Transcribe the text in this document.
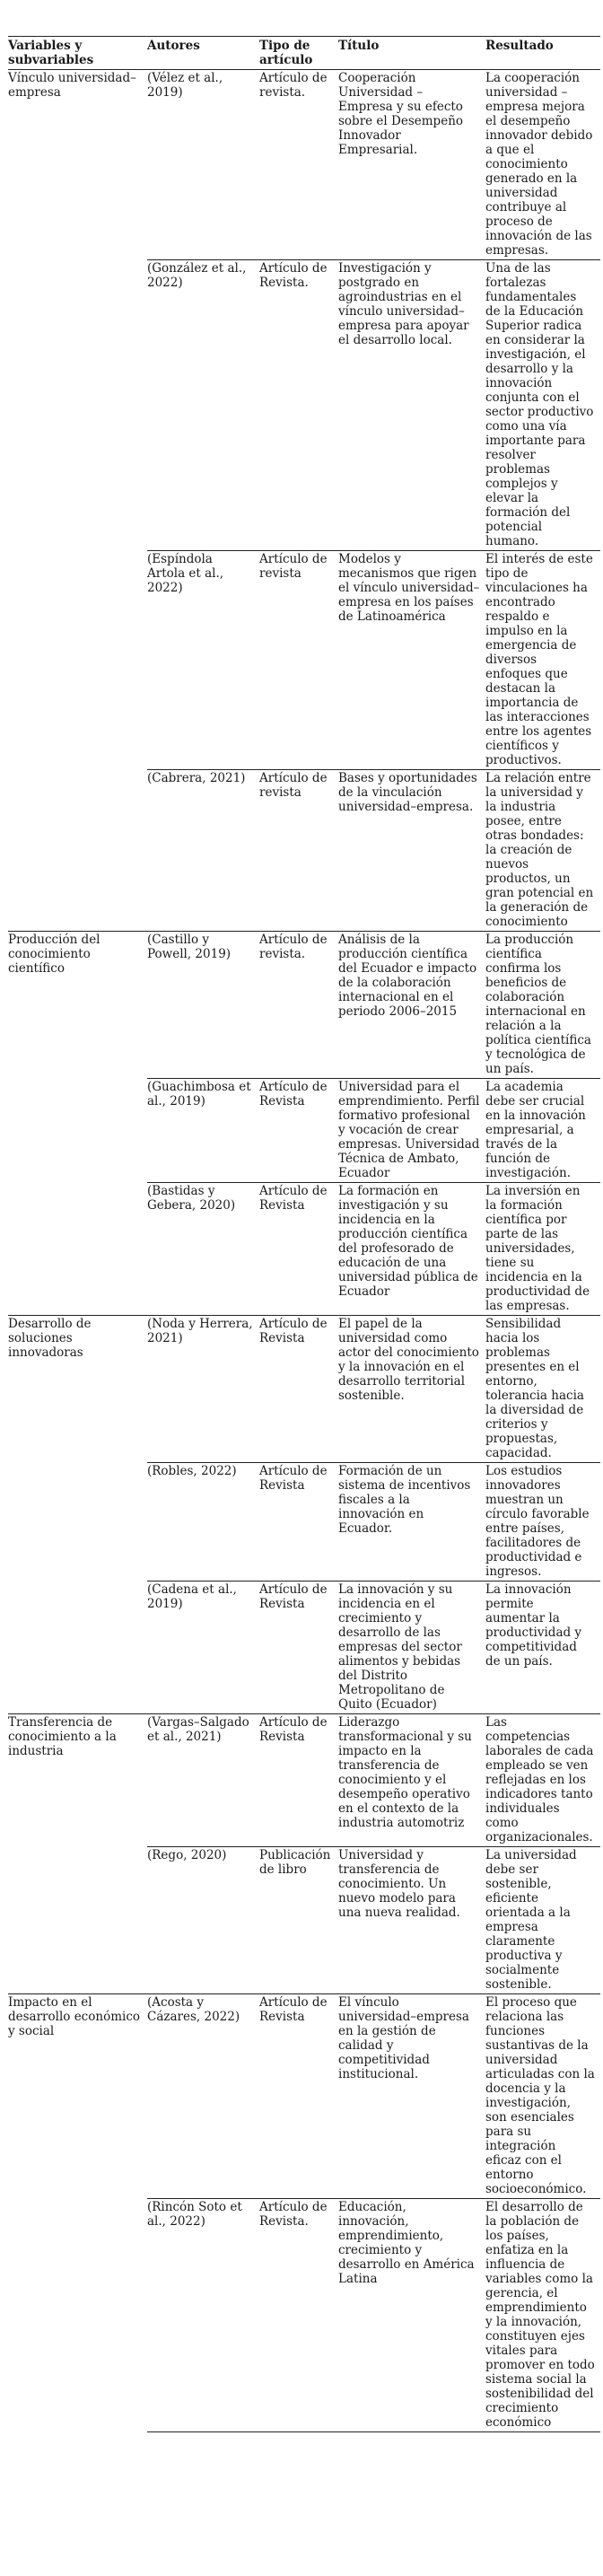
Variables y subvariables	Autores	Tipo de artículo	Título	Resultado
Vínculo universidad–empresa	(Vélez et al., 2019)	Artículo de revista.	Cooperación Universidad – Empresa y su efecto sobre el Desempeño Innovador Empresarial.	La cooperación universidad – empresa mejora el desempeño innovador debido a que el conocimiento generado en la universidad contribuye al proceso de innovación de las empresas.
	(González et al., 2022)	Artículo de Revista.	Investigación y postgrado en agroindustrias en el vínculo universidad–empresa para apoyar el desarrollo local.	Una de las fortalezas fundamentales de la Educación Superior radica en considerar la investigación, el desarrollo y la innovación conjunta con el sector productivo como una vía importante para resolver problemas complejos y elevar la formación del potencial humano.
	(Espíndola Artola et al., 2022)	Artículo de revista	Modelos y mecanismos que rigen el vínculo universidad–empresa en los países de Latinoamérica	El interés de este tipo de vinculaciones ha encontrado respaldo e impulso en la emergencia de diversos enfoques que destacan la importancia de las interacciones entre los agentes científicos y productivos.
	(Cabrera, 2021)	Artículo de revista	Bases y oportunidades de la vinculación universidad–empresa.	La relación entre la universidad y la industria posee, entre otras bondades: la creación de nuevos productos, un gran potencial en la generación de conocimiento
Producción del conocimiento científico	(Castillo y Powell, 2019)	Artículo de revista.	Análisis de la producción científica del Ecuador e impacto de la colaboración internacional en el periodo 2006–2015	La producción científica confirma los beneficios de colaboración internacional en relación a la política científica y tecnológica de un país.
	(Guachimbosa et al., 2019)	Artículo de Revista	Universidad para el emprendimiento. Perfil formativo profesional y vocación de crear empresas. Universidad Técnica de Ambato, Ecuador	La academia debe ser crucial en la innovación empresarial, a través de la función de investigación.
	(Bastidas y Gebera, 2020)	Artículo de Revista	La formación en investigación y su incidencia en la producción científica del profesorado de educación de una universidad pública de Ecuador	La inversión en la formación científica por parte de las universidades, tiene su incidencia en la productividad de las empresas.
Desarrollo de soluciones innovadoras	(Noda y Herrera, 2021)	Artículo de Revista	El papel de la universidad como actor del conocimiento y la innovación en el desarrollo territorial sostenible.	Sensibilidad hacia los problemas presentes en el entorno, tolerancia hacia la diversidad de criterios y propuestas, capacidad.
	(Robles, 2022)	Artículo de Revista	Formación de un sistema de incentivos fiscales a la innovación en Ecuador.	Los estudios innovadores muestran un círculo favorable entre países, facilitadores de productividad e ingresos.
	(Cadena et al., 2019)	Artículo de Revista	La innovación y su incidencia en el crecimiento y desarrollo de las empresas del sector alimentos y bebidas del Distrito Metropolitano de Quito (Ecuador)	La innovación permite aumentar la productividad y competitividad de un país.
Transferencia de conocimiento a la industria	(Vargas–Salgado et al., 2021)	Artículo de Revista	Liderazgo transformacional y su impacto en la transferencia de conocimiento y el desempeño operativo en el contexto de la industria automotriz	Las competencias laborales de cada empleado se ven reflejadas en los indicadores tanto individuales como organizacionales.
	(Rego, 2020)	Publicación de libro	Universidad y transferencia de conocimiento. Un nuevo modelo para una nueva realidad.	La universidad debe ser sostenible, eficiente orientada a la empresa claramente productiva y socialmente sostenible.
Impacto en el desarrollo económico y social	(Acosta y Cázares, 2022)	Artículo de Revista	El vínculo universidad–empresa en la gestión de calidad y competitividad institucional.	El proceso que relaciona las funciones sustantivas de la universidad articuladas con la docencia y la investigación, son esenciales para su integración eficaz con el entorno socioeconómico.
	(Rincón Soto et al., 2022)	Artículo de Revista.	Educación, innovación, emprendimiento, crecimiento y desarrollo en América Latina	El desarrollo de la población de los países, enfatiza en la influencia de variables como la gerencia, el emprendimiento y la innovación, constituyen ejes vitales para promover en todo sistema social la sostenibilidad del crecimiento económico
